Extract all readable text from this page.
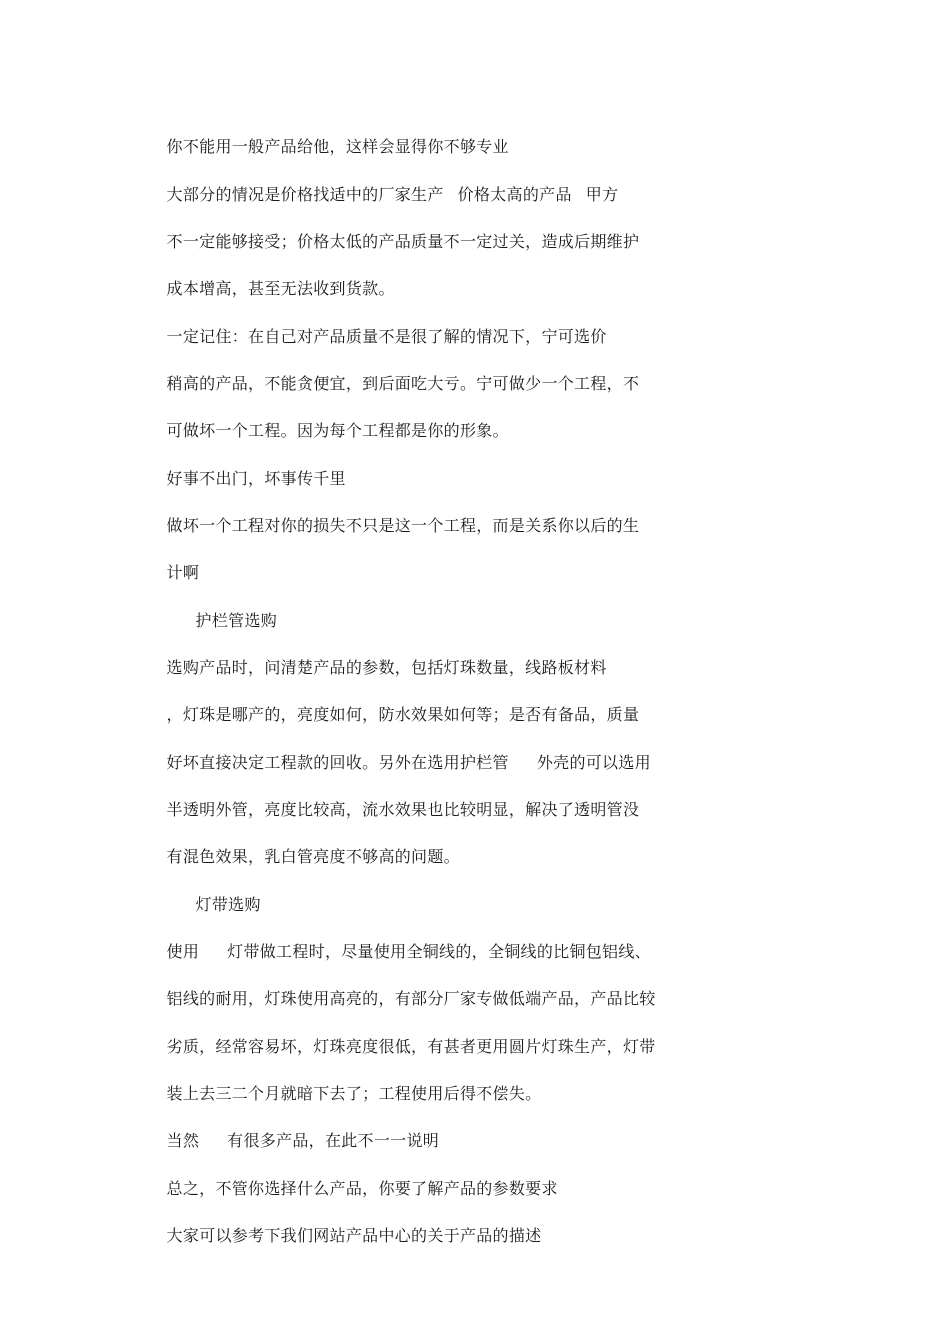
你不能用一般产品给他，这样会显得你不够专业

大部分的情况是价格找适中的厂家生产 价格太高的产品 甲方

不一定能够接受；价格太低的产品质量不一定过关，造成后期维护

成本增高，甚至无法收到货款。

一定记住：在自己对产品质量不是很了解的情况下，宁可选价

稍高的产品，不能贪便宜，到后面吃大亏。宁可做少一个工程，不

可做坏一个工程。因为每个工程都是你的形象。

好事不出门，坏事传千里

做坏一个工程对你的损失不只是这一个工程，而是关系你以后的生

计啊

护栏管选购

选购产品时，问清楚产品的参数，包括灯珠数量，线路板材料

，灯珠是哪产的，亮度如何，防水效果如何等；是否有备品，质量

好坏直接决定工程款的回收。另外在选用护栏管 外壳的可以选用

半透明外管，亮度比较高，流水效果也比较明显，解决了透明管没

有混色效果，乳白管亮度不够高的问题。

灯带选购

使用 灯带做工程时，尽量使用全铜线的，全铜线的比铜包铝线、

铝线的耐用，灯珠使用高亮的，有部分厂家专做低端产品，产品比较

劣质，经常容易坏，灯珠亮度很低，有甚者更用圆片灯珠生产，灯带

装上去三二个月就暗下去了；工程使用后得不偿失。

当然 有很多产品，在此不一一说明

总之，不管你选择什么产品，你要了解产品的参数要求

大家可以参考下我们网站产品中心的关于产品的描述
